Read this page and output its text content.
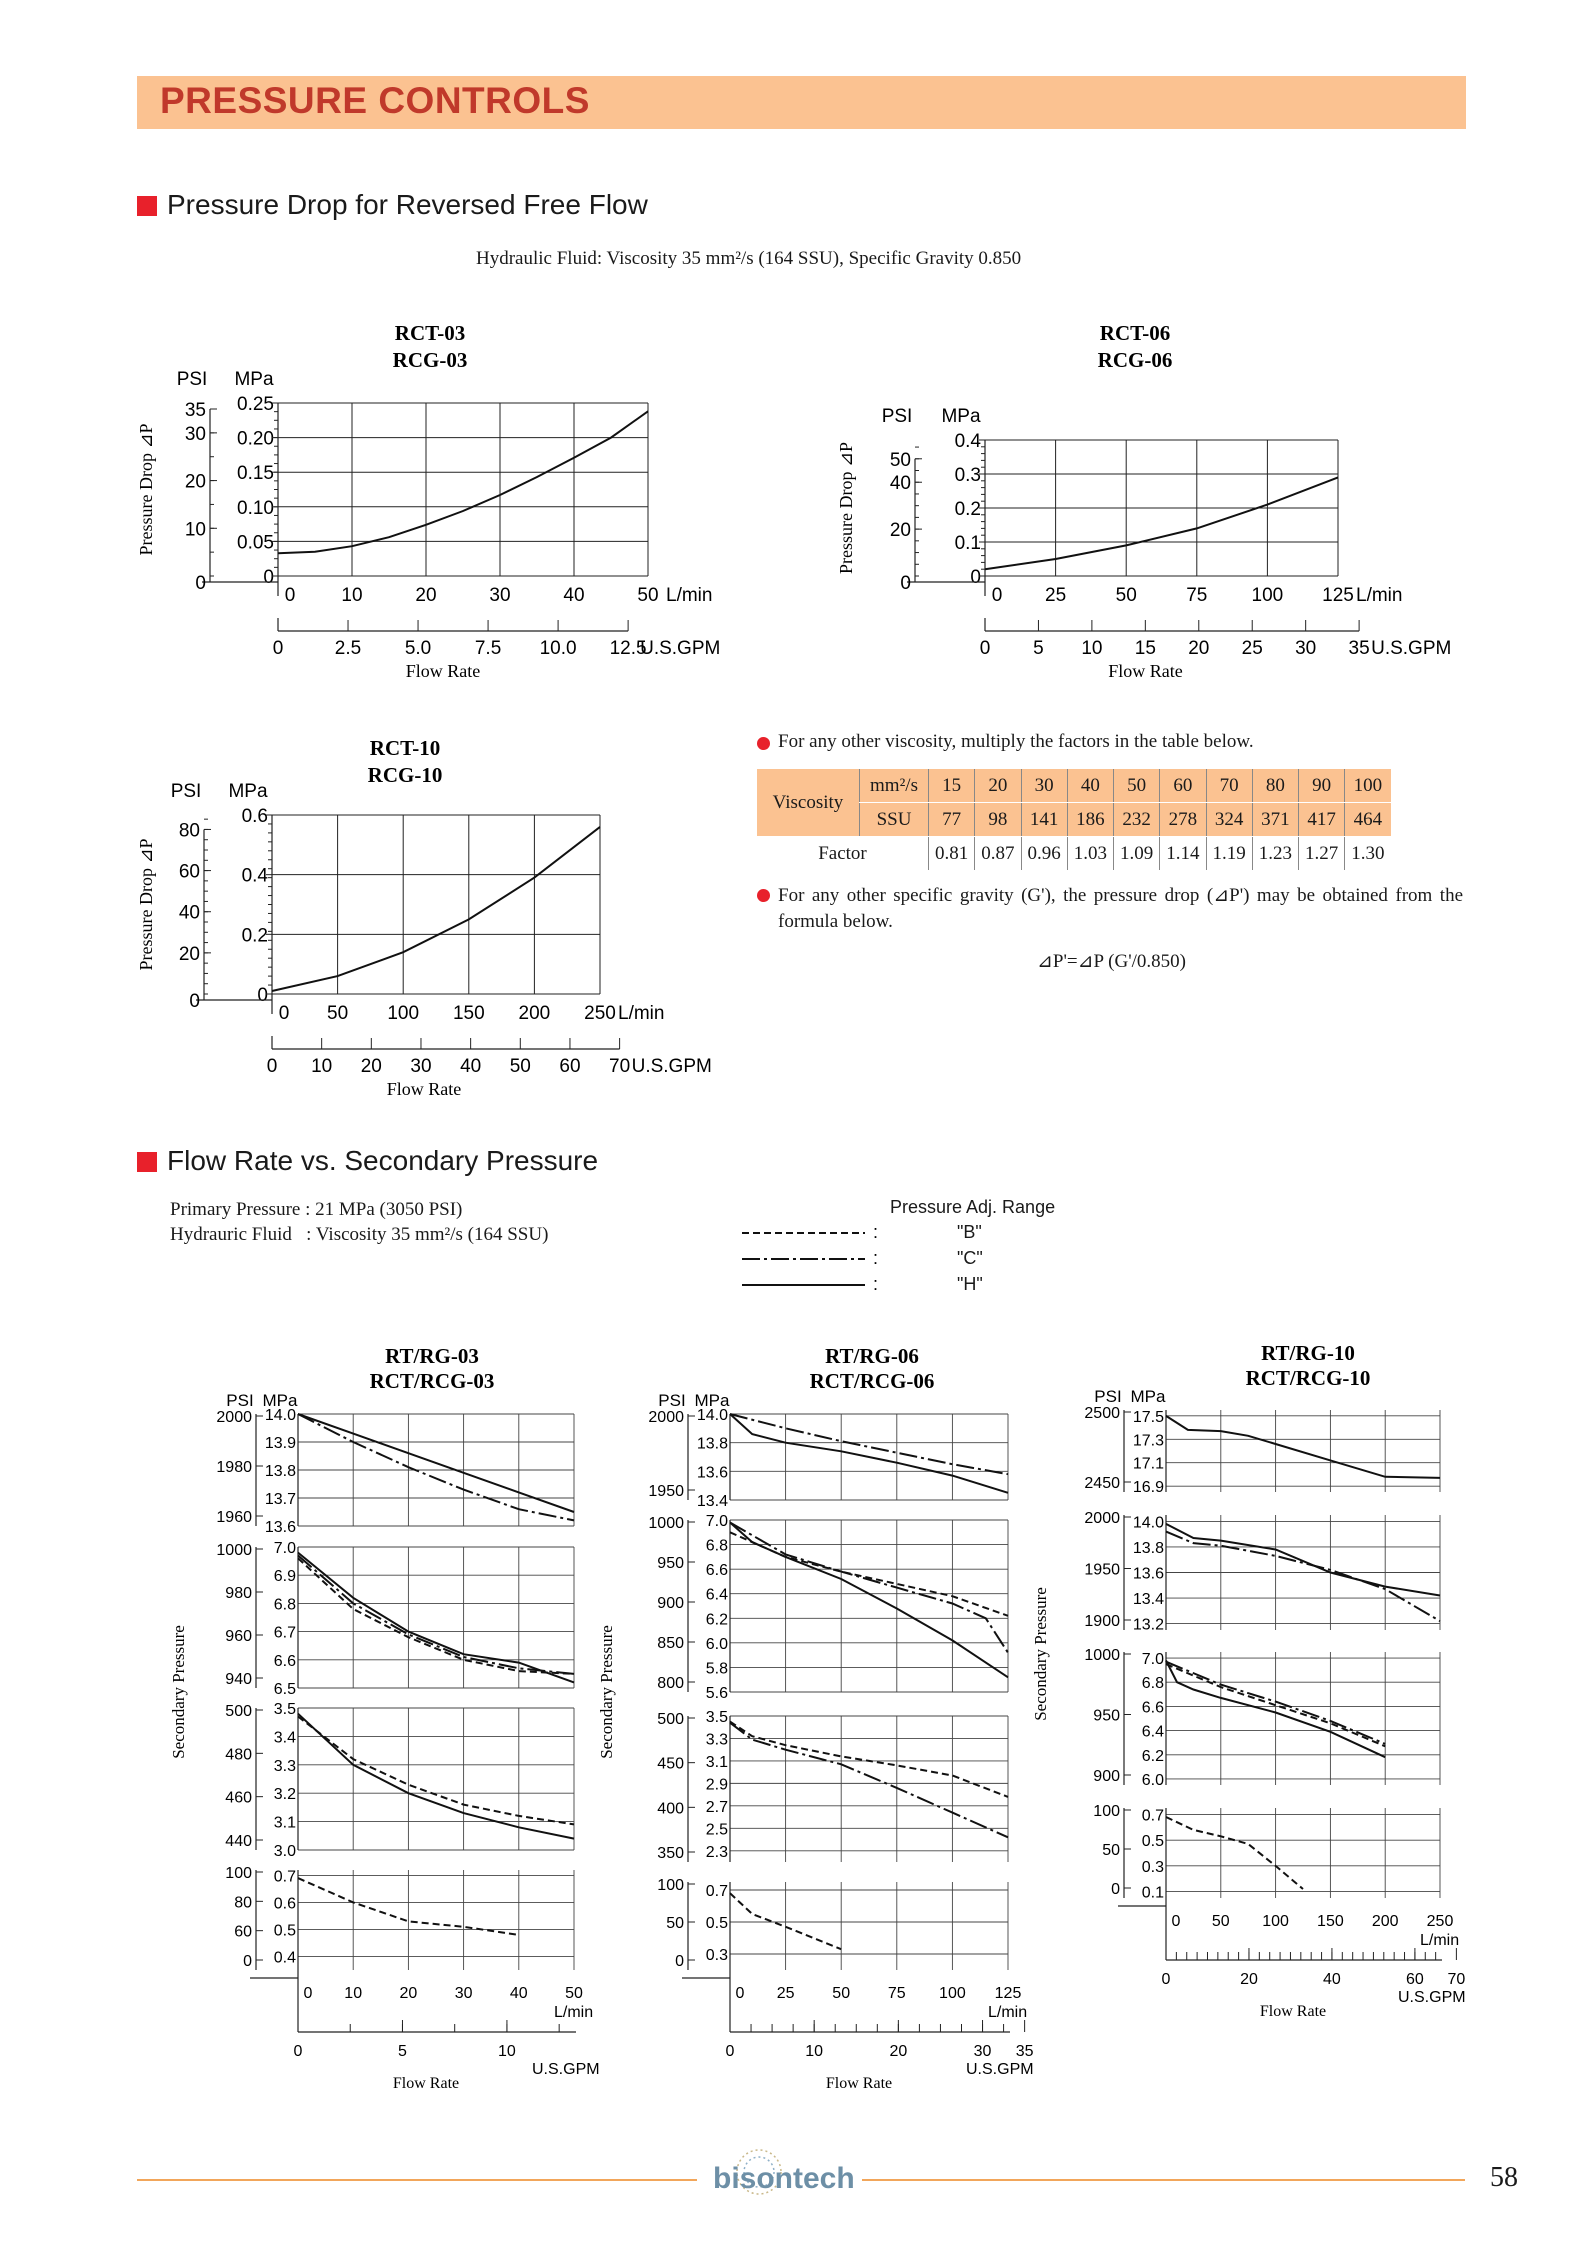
PRESSURE CONTROLS
Pressure Drop for Reversed Free Flow
Hydraulic Fluid: Viscosity 35 mm²/s (164 SSU), Specific Gravity 0.850
RCT-03
RCG-03
PSI MPa
Pressure Drop ⊿P
0.25
0.20
0.15
0.10
0.05
0
35
30
20
10
0
0 10	20	30	40	50 L/min
0	2.5 5.0 7.5 10.0 12.5
U.S.GPM
Flow Rate
RCT-06
RCG-06
PSI MPa
Pressure Drop ⊿P
0.4
0.3
0.2
0.1
0
50
40
20
0
0 25	50	75 100 125 L/min
0 5 10 15 20 25 30 35 U.S.GPM
Flow Rate
RCT-10
RCG-10
PSI MPa
Pressure Drop ⊿P
0.6
0.4
0.2
0
80
60
40
20
0
0 50 100 150 200 250 L/min
0 10 20 30 40 50 60 70 U.S.GPM
Flow Rate
For any other viscosity, multiply the factors in the table below.
Viscosity	mm²/s	15	20	30	40	50	60	70	80	90	100
	SSU	77	98	141	186	232	278	324	371	417	464
Factor		0.81	0.87	0.96	1.03	1.09	1.14	1.19	1.23	1.27	1.30
For any other specific gravity (G'), the pressure drop (⊿P') may be obtained from the formula below.
⊿P'=⊿P (G'/0.850)
Flow Rate vs. Secondary Pressure
Primary Pressure : 21 MPa (3050 PSI)
Hydrauric Fluid   : Viscosity 35 mm²/s (164 SSU)
Pressure Adj. Range
:
:
:
"B"
"C"
"H"
RT/RG-03
RCT/RCG-03
PSI MPa
Secondary Pressure
14.0
13.9
13.8
13.7
13.6
2000
1980
1960
7.0
6.9
6.8
6.7
6.6
6.5
1000
980
960
940
3.5
3.4
3.3
3.2
3.1
3.0
500
480
460
440
0.7
0.6
0.5
0.4
100
80
60
0
0 10 20 30 40 50
L/min
0	5	10
U.S.GPM
Flow Rate
RT/RG-06
RCT/RCG-06
PSI MPa
Secondary Pressure
14.0
13.8
13.6
13.4
2000
1950
7.0
6.8
6.6
6.4
6.2
6.0
5.8
5.6
1000
950
900
850
800
3.5
3.3
3.1
2.9
2.7
2.5
2.3
500
450
400
350
0.7
0.5
0.3
100
50
0
0 25 50 75 100 125
L/min
0	10	20	30 35
U.S.GPM
Flow Rate
RT/RG-10
RCT/RCG-10
PSI MPa
Secondary Pressure
17.5
17.3
17.1
16.9
2500
2450
14.0
13.8
13.6
13.4
13.2
2000
1950
1900
7.0
6.8
6.6
6.4
6.2
6.0
1000
950
900
0.7
0.5
0.3
0.1
100
50
0
0 50 100 150 200 250
L/min
0	20	40	60 70
U.S.GPM
Flow Rate
bisontech	58
